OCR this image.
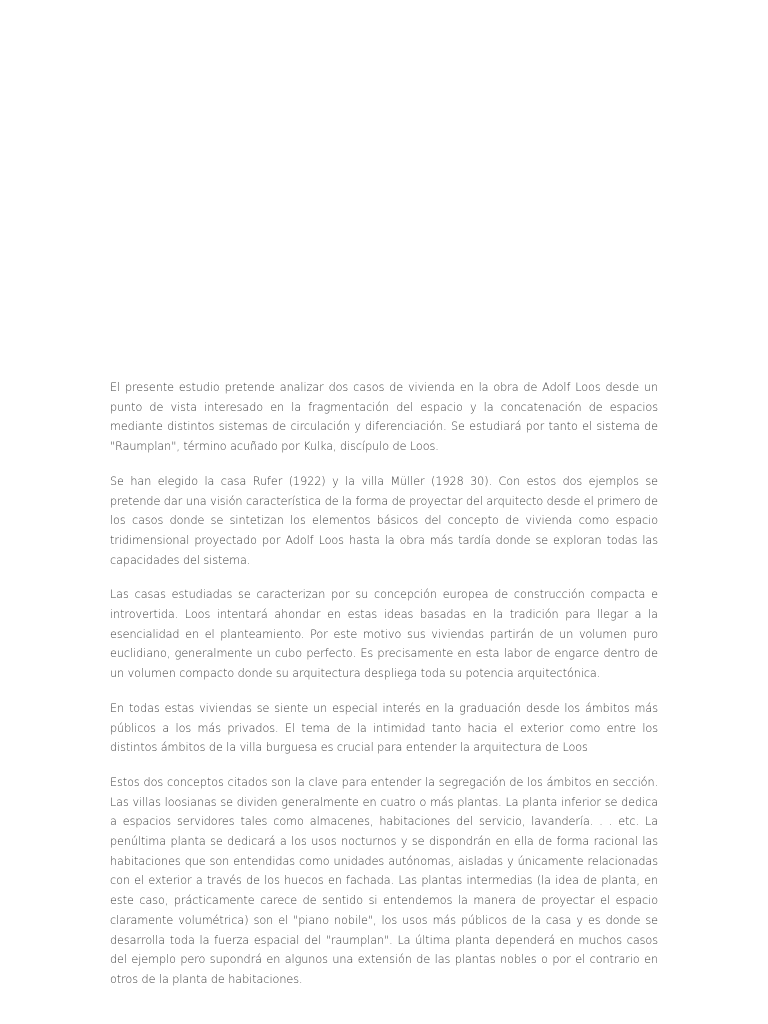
El presente estudio pretende analizar dos casos de vivienda en la obra de Adolf Loos desde un punto de vista interesado en la fragmentación del espacio y la concatenación de espacios mediante distintos sistemas de circulación y diferenciación. Se estudiará por tanto el sistema de "Raumplan", término acuñado por Kulka, discípulo de Loos.

Se han elegido la casa Rufer (1922) y la villa Müller (1928 30). Con estos dos ejemplos se pretende dar una visión característica de la forma de proyectar del arquitecto desde el primero de los casos donde se sintetizan los elementos básicos del concepto de vivienda como espacio tridimensional proyectado por Adolf Loos hasta la obra más tardía donde se exploran todas las capacidades del sistema.

Las casas estudiadas se caracterizan por su concepción europea de construcción compacta e introvertida. Loos intentará ahondar en estas ideas basadas en la tradición para llegar a la esencialidad en el planteamiento. Por este motivo sus viviendas partirán de un volumen puro euclidiano, generalmente un cubo perfecto. Es precisamente en esta labor de engarce dentro de un volumen compacto donde su arquitectura despliega toda su potencia arquitectónica.

En todas estas viviendas se siente un especial interés en la graduación desde los ámbitos más públicos a los más privados. El tema de la intimidad tanto hacia el exterior como entre los distintos ámbitos de la villa burguesa es crucial para entender la arquitectura de Loos

Estos dos conceptos citados son la clave para entender la segregación de los ámbitos en sección. Las villas loosianas se dividen generalmente en cuatro o más plantas. La planta inferior se dedica a espacios servidores tales como almacenes, habitaciones del servicio, lavandería. . . etc. La penúltima planta se dedicará a los usos nocturnos y se dispondrán en ella de forma racional las habitaciones que son entendidas como unidades autónomas, aisladas y únicamente relacionadas con el exterior a través de los huecos en fachada. Las plantas intermedias (la idea de planta, en este caso, prácticamente carece de sentido si entendemos la manera de proyectar el espacio claramente volumétrica) son el "piano nobile", los usos más públicos de la casa y es donde se desarrolla toda la fuerza espacial del "raumplan". La última planta dependerá en muchos casos del ejemplo pero supondrá en algunos una extensión de las plantas nobles o por el contrario en otros de la planta de habitaciones.
